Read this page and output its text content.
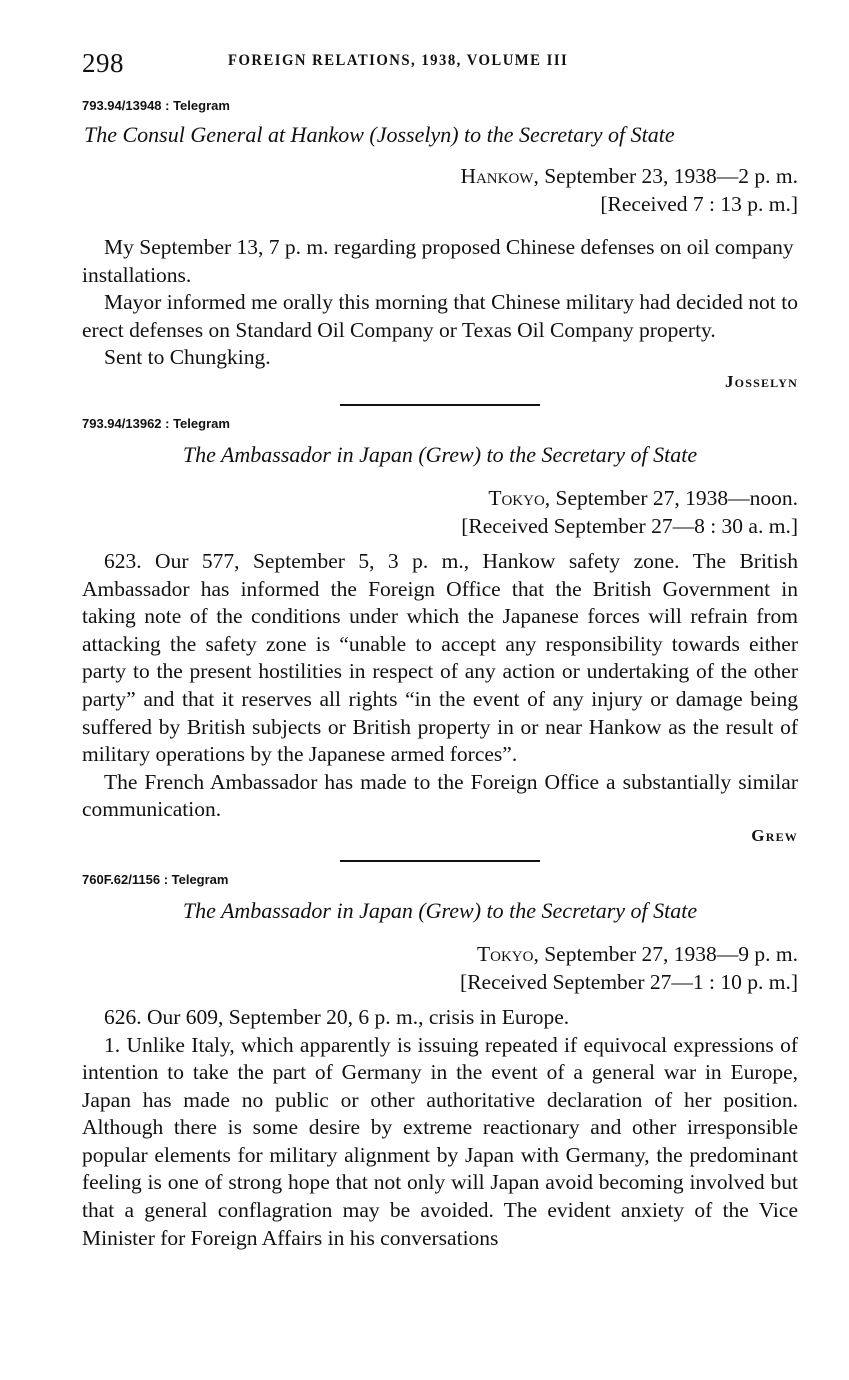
298	FOREIGN RELATIONS, 1938, VOLUME III

793.94/13948 : Telegram

The Consul General at Hankow (Josselyn) to the Secretary of State

Hankow, September 23, 1938—2 p. m.

[Received 7 : 13 p. m.]

My September 13, 7 p. m. regarding proposed Chinese defenses on oil company installations.

Mayor informed me orally this morning that Chinese military had decided not to erect defenses on Standard Oil Company or Texas Oil Company property.

Sent to Chungking.

Josselyn

793.94/13962 : Telegram

The Ambassador in Japan (Grew) to the Secretary of State

Tokyo, September 27, 1938—noon.

[Received September 27—8 : 30 a. m.]

623. Our 577, September 5, 3 p. m., Hankow safety zone. The British Ambassador has informed the Foreign Office that the British Government in taking note of the conditions under which the Japanese forces will refrain from attacking the safety zone is “unable to accept any responsibility towards either party to the present hostilities in respect of any action or undertaking of the other party” and that it reserves all rights “in the event of any injury or damage being suffered by British subjects or British property in or near Hankow as the result of military operations by the Japanese armed forces”.

The French Ambassador has made to the Foreign Office a substantially similar communication.

Grew

760F.62/1156 : Telegram

The Ambassador in Japan (Grew) to the Secretary of State

Tokyo, September 27, 1938—9 p. m.

[Received September 27—1 : 10 p. m.]

626. Our 609, September 20, 6 p. m., crisis in Europe.

1. Unlike Italy, which apparently is issuing repeated if equivocal expressions of intention to take the part of Germany in the event of a general war in Europe, Japan has made no public or other authoritative declaration of her position. Although there is some desire by extreme reactionary and other irresponsible popular elements for military alignment by Japan with Germany, the predominant feeling is one of strong hope that not only will Japan avoid becoming involved but that a general conflagration may be avoided. The evident anxiety of the Vice Minister for Foreign Affairs in his conversations
